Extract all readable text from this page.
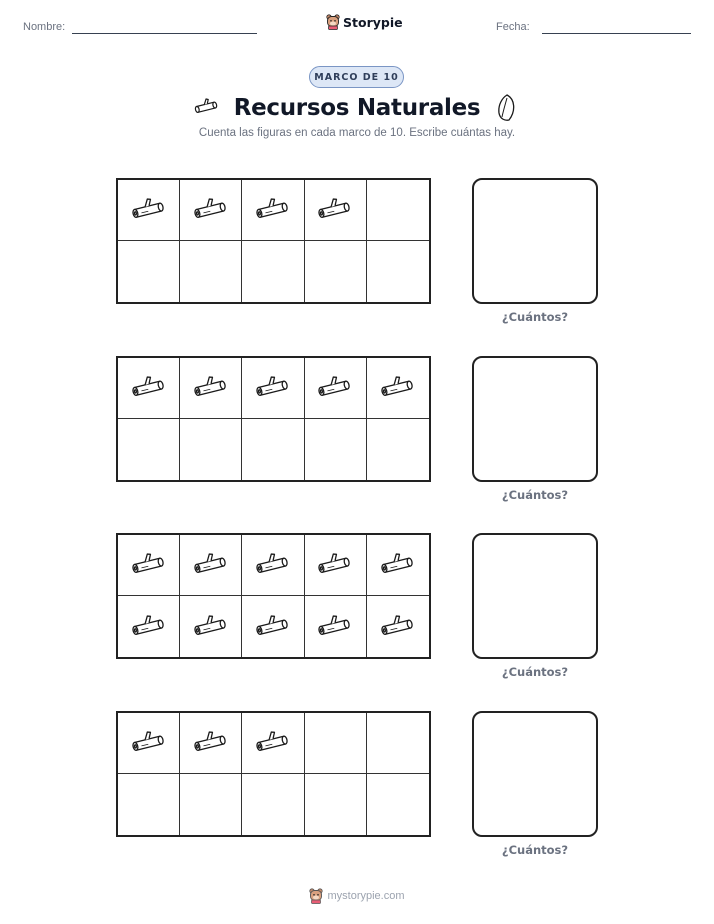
Nombre:	Storypie	Fecha:
MARCO DE 10
Recursos Naturales
Cuenta las figuras en cada marco de 10. Escribe cuántas hay.
¿Cuántos?
¿Cuántos?
¿Cuántos?
¿Cuántos?
mystorypie.com
